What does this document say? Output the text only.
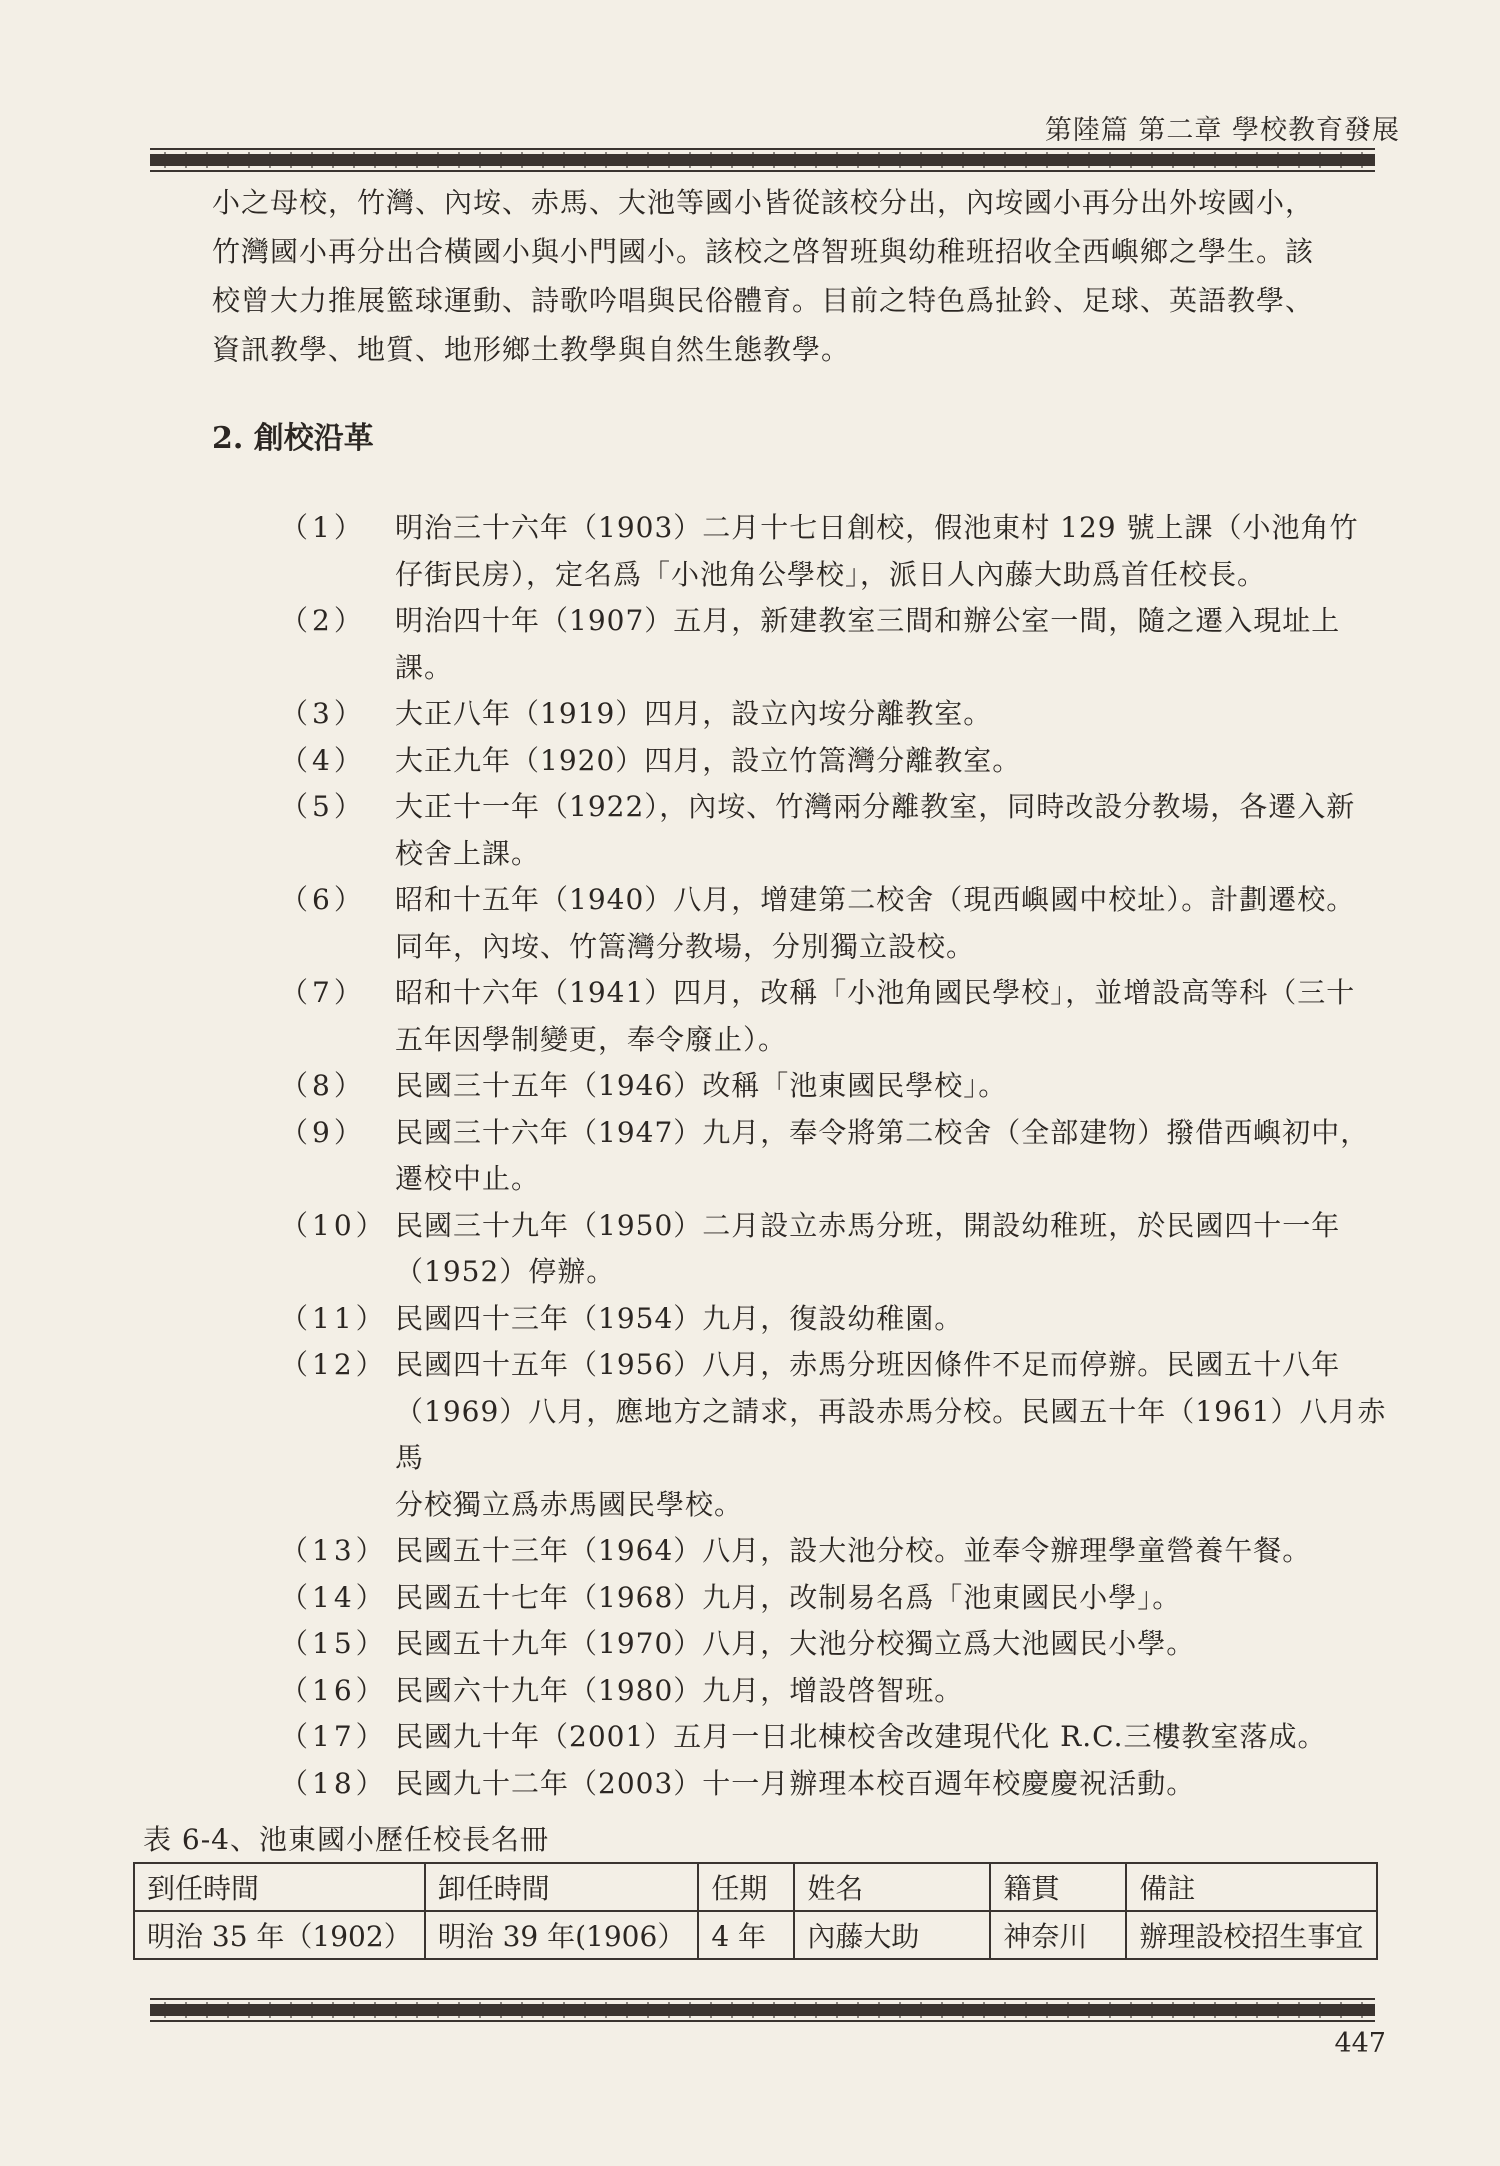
第陸篇 第二章 學校教育發展

小之母校，竹灣、內垵、赤馬、大池等國小皆從該校分出，內垵國小再分出外垵國小，

竹灣國小再分出合橫國小與小門國小。該校之啓智班與幼稚班招收全西嶼鄉之學生。該

校曾大力推展籃球運動、詩歌吟唱與民俗體育。目前之特色爲扯鈴、足球、英語教學、

資訊教學、地質、地形鄉土教學與自然生態教學。

2. 創校沿革
（1） 明治三十六年（1903）二月十七日創校，假池東村 129 號上課（小池角竹
仔街民房），定名爲「小池角公學校」，派日人內藤大助爲首任校長。
（2） 明治四十年（1907）五月，新建教室三間和辦公室一間，隨之遷入現址上
課。
（3） 大正八年（1919）四月，設立內垵分離教室。
（4） 大正九年（1920）四月，設立竹篙灣分離教室。
（5） 大正十一年（1922），內垵、竹灣兩分離教室，同時改設分教場，各遷入新
校舍上課。
（6） 昭和十五年（1940）八月，增建第二校舍（現西嶼國中校址）。計劃遷校。
同年，內垵、竹篙灣分教場，分別獨立設校。
（7） 昭和十六年（1941）四月，改稱「小池角國民學校」，並增設高等科（三十
五年因學制變更，奉令廢止）。
（8） 民國三十五年（1946）改稱「池東國民學校」。
（9） 民國三十六年（1947）九月，奉令將第二校舍（全部建物）撥借西嶼初中，
遷校中止。
（10） 民國三十九年（1950）二月設立赤馬分班，開設幼稚班，於民國四十一年
（1952）停辦。
（11） 民國四十三年（1954）九月，復設幼稚園。
（12） 民國四十五年（1956）八月，赤馬分班因條件不足而停辦。民國五十八年
（1969）八月，應地方之請求，再設赤馬分校。民國五十年（1961）八月赤馬
分校獨立爲赤馬國民學校。
（13） 民國五十三年（1964）八月，設大池分校。並奉令辦理學童營養午餐。
（14） 民國五十七年（1968）九月，改制易名爲「池東國民小學」。
（15） 民國五十九年（1970）八月，大池分校獨立爲大池國民小學。
（16） 民國六十九年（1980）九月，增設啓智班。
（17） 民國九十年（2001）五月一日北棟校舍改建現代化 R.C.三樓教室落成。
（18） 民國九十二年（2003）十一月辦理本校百週年校慶慶祝活動。
表 6-4、池東國小歷任校長名冊
到任時間	卸任時間	任期	姓名	籍貫	備註
明治 35 年（1902）	明治 39 年(1906）	4 年	內藤大助	神奈川	辦理設校招生事宜
447
